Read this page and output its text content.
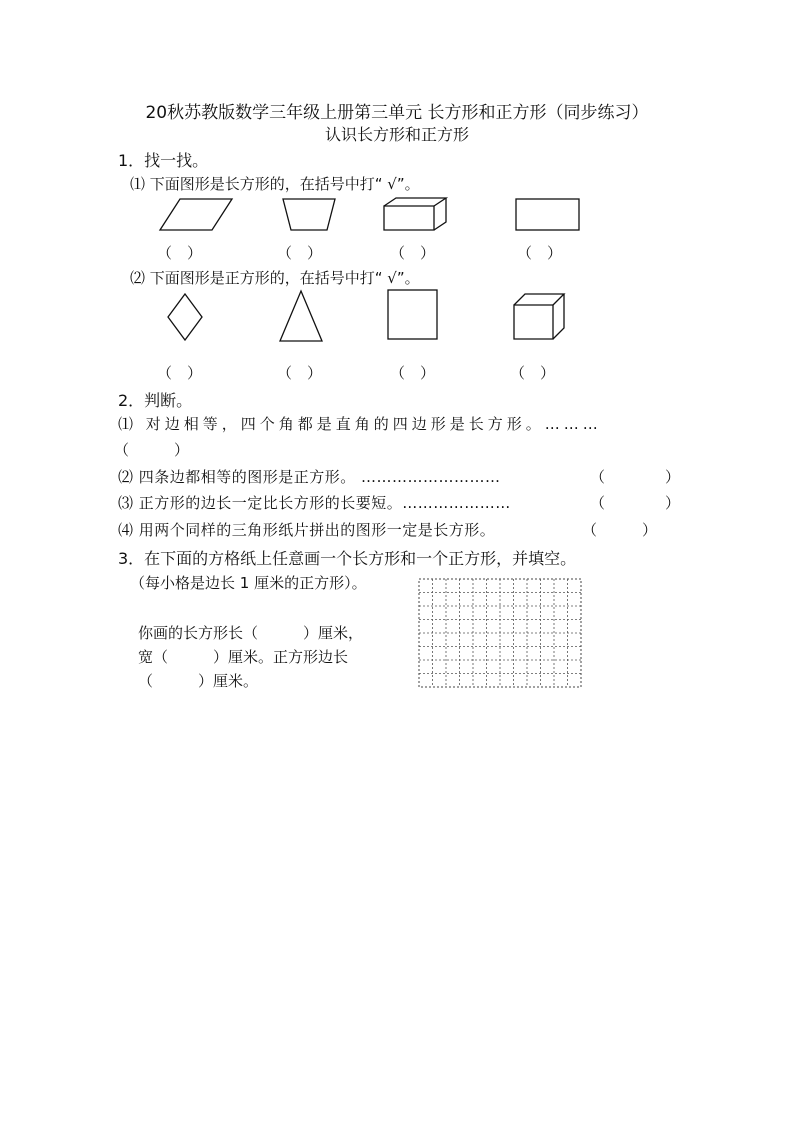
20秋苏教版数学三年级上册第三单元 长方形和正方形（同步练习）
认识长方形和正方形
1．找一找。
⑴ 下面图形是长方形的，在括号中打“ √”。
（　）	（　）	（　）	（　）
⑵ 下面图形是正方形的，在括号中打“ √”。
（　）	（　）	（　）	（　）
2．判断。
⑴ 对边相等，四个角都是直角的四边形是长方形。………
（　　　）
⑵ 四条边都相等的图形是正方形。 ………………………	（　　　　）
⑶ 正方形的边长一定比长方形的长要短。…………………	（　　　　）
⑷ 用两个同样的三角形纸片拼出的图形一定是长方形。	（　　　）
3．在下面的方格纸上任意画一个长方形和一个正方形，并填空。
（每小格是边长 1 厘米的正方形）。
你画的长方形长（　　　）厘米，
宽（　　　）厘米。正方形边长
（　　　）厘米。
